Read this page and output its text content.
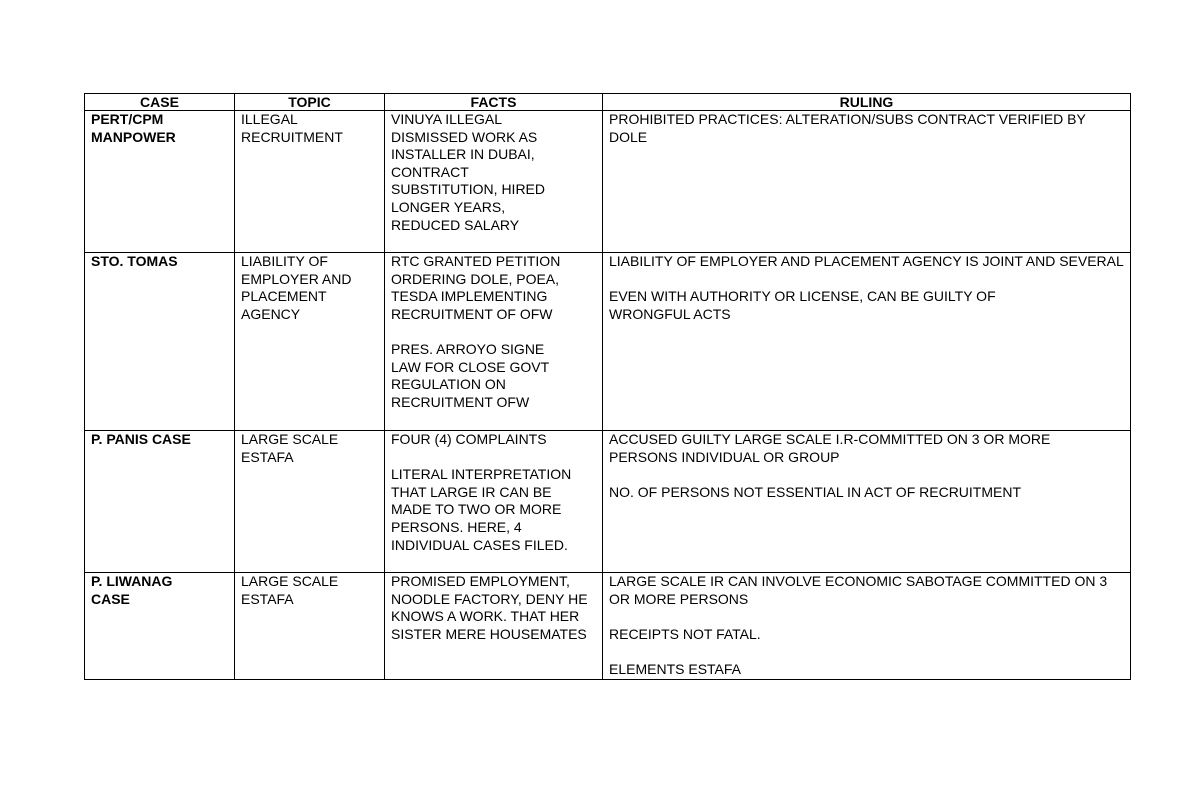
CASE	TOPIC	FACTS	RULING

PERT/CPM MANPOWER	ILLEGAL RECRUITMENT	VINUYA ILLEGAL DISMISSED WORK AS INSTALLER IN DUBAI, CONTRACT SUBSTITUTION, HIRED LONGER YEARS, REDUCED SALARY	PROHIBITED PRACTICES: ALTERATION/SUBS CONTRACT VERIFIED BY DOLE

STO. TOMAS	LIABILITY OF EMPLOYER AND PLACEMENT AGENCY	RTC GRANTED PETITION ORDERING DOLE, POEA, TESDA IMPLEMENTING RECRUITMENT OF OFW
PRES. ARROYO SIGNE LAW FOR CLOSE GOVT REGULATION ON RECRUITMENT OFW	LIABILITY OF EMPLOYER AND PLACEMENT AGENCY IS JOINT AND SEVERAL
EVEN WITH AUTHORITY OR LICENSE, CAN BE GUILTY OF WRONGFUL ACTS

P. PANIS CASE	LARGE SCALE ESTAFA	FOUR (4) COMPLAINTS
LITERAL INTERPRETATION THAT LARGE IR CAN BE MADE TO TWO OR MORE PERSONS. HERE, 4 INDIVIDUAL CASES FILED.	ACCUSED GUILTY LARGE SCALE I.R-COMMITTED ON 3 OR MORE PERSONS INDIVIDUAL OR GROUP
NO. OF PERSONS NOT ESSENTIAL IN ACT OF RECRUITMENT

P. LIWANAG CASE	LARGE SCALE ESTAFA	PROMISED EMPLOYMENT, NOODLE FACTORY, DENY HE KNOWS A WORK. THAT HER SISTER MERE HOUSEMATES	LARGE SCALE IR CAN INVOLVE ECONOMIC SABOTAGE COMMITTED ON 3 OR MORE PERSONS
RECEIPTS NOT FATAL.
ELEMENTS ESTAFA
